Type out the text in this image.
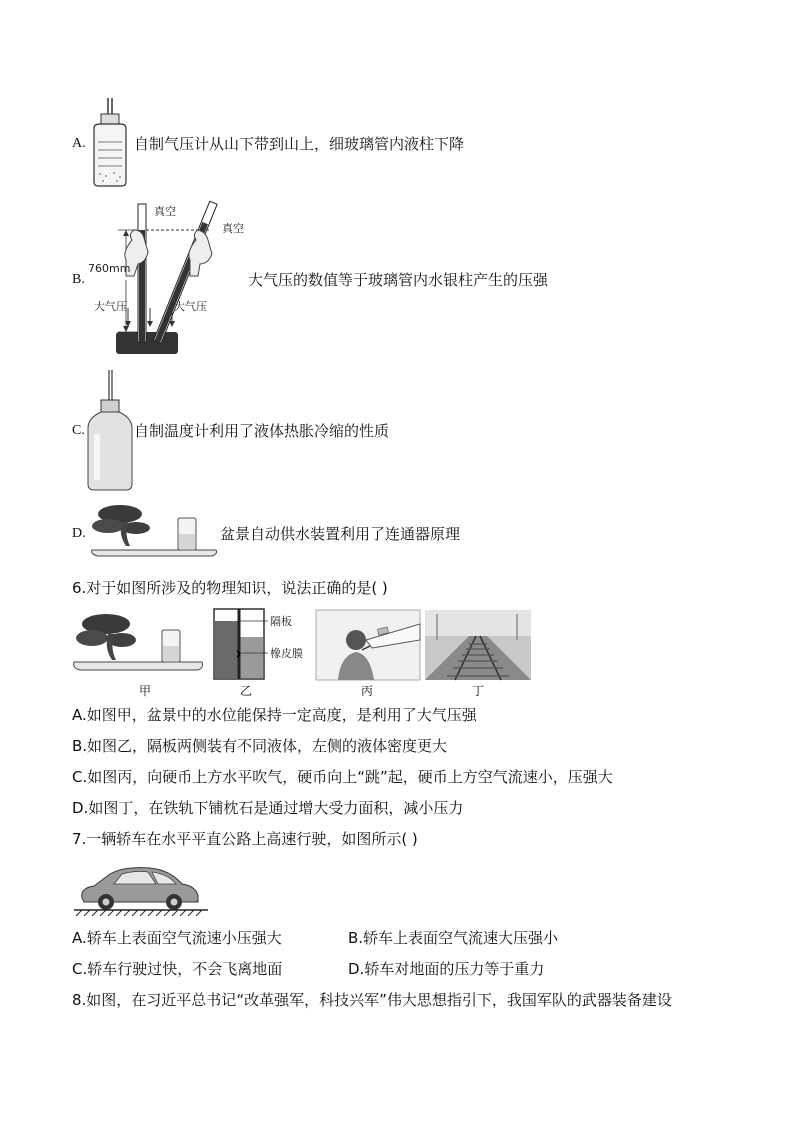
A.	自制气压计从山下带到山上，细玻璃管内液柱下降
B.
真空
真空
760mm
大气压	大气压
大气压的数值等于玻璃管内水银柱产生的压强
C.	自制温度计利用了液体热胀冷缩的性质
D.	盆景自动供水装置利用了连通器原理
6.对于如图所涉及的物理知识，说法正确的是( )
隔板
橡皮膜
甲	乙	丙	丁
A.如图甲，盆景中的水位能保持一定高度，是利用了大气压强
B.如图乙，隔板两侧装有不同液体，左侧的液体密度更大
C.如图丙，向硬币上方水平吹气，硬币向上“跳”起，硬币上方空气流速小，压强大
D.如图丁，在铁轨下铺枕石是通过增大受力面积，减小压力
7.一辆轿车在水平平直公路上高速行驶，如图所示( )
A.轿车上表面空气流速小压强大	B.轿车上表面空气流速大压强小
C.轿车行驶过快，不会飞离地面	D.轿车对地面的压力等于重力
8.如图，在习近平总书记“改革强军，科技兴军”伟大思想指引下，我国军队的武器装备建设
